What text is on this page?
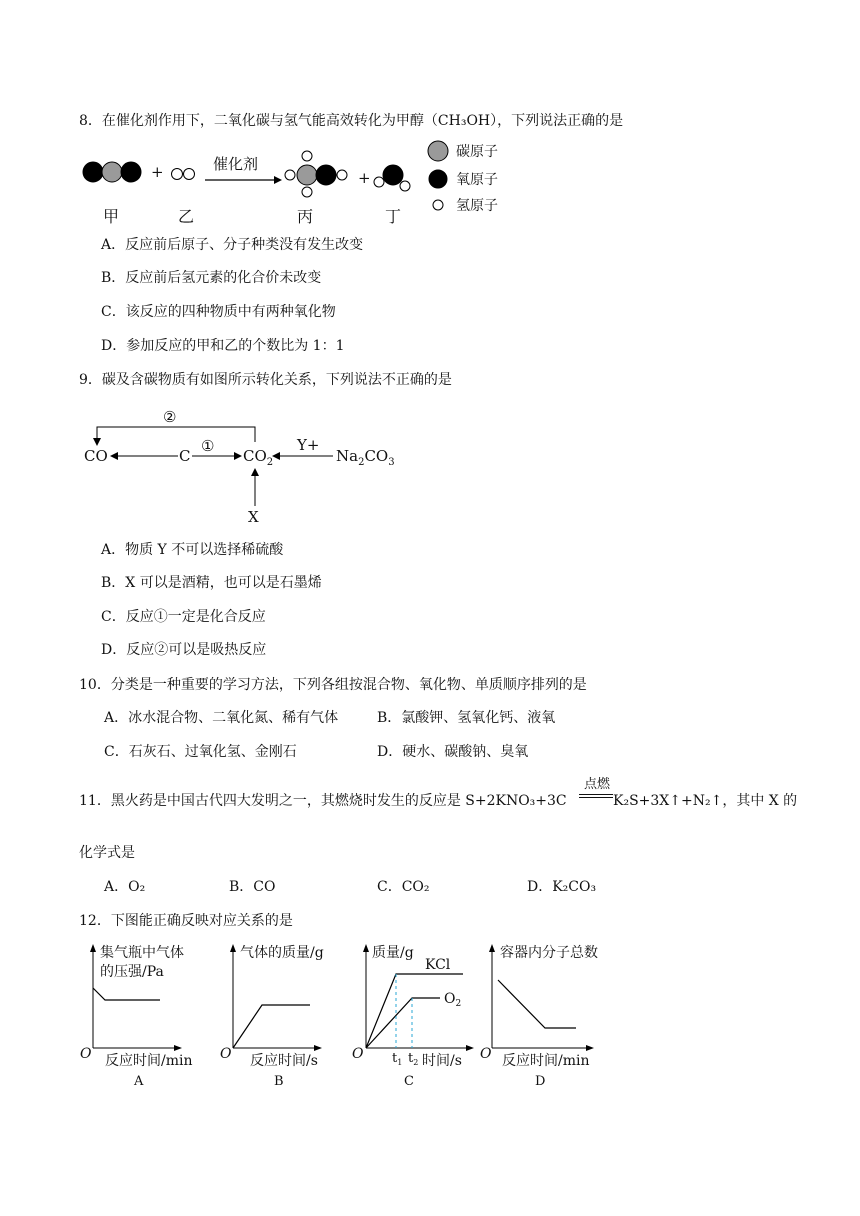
8．在催化剂作用下，二氧化碳与氢气能高效转化为甲醇（CH₃OH），下列说法正确的是
+	催化剂
+
甲	乙	丙	丁
碳原子
氧原子
氢原子
A．反应前后原子、分子种类没有发生改变
B．反应前后氢元素的化合价未改变
C．该反应的四种物质中有两种氧化物
D．参加反应的甲和乙的个数比为 1：1
9．碳及含碳物质有如图所示转化关系，下列说法不正确的是
②
CO	C
①
$CO_2$
Y+
$Na_2CO_3$
X
A．物质 Y 不可以选择稀硫酸
B．X 可以是酒精，也可以是石墨烯
C．反应①一定是化合反应
D．反应②可以是吸热反应
10．分类是一种重要的学习方法，下列各组按混合物、氧化物、单质顺序排列的是
A．冰水混合物、二氧化氮、稀有气体	B．氯酸钾、氢氧化钙、液氧
C．石灰石、过氧化氢、金刚石	D．硬水、碳酸钠、臭氧
11．黑火药是中国古代四大发明之一，其燃烧时发生的反应是 S+2KNO₃+3C
点燃
K₂S+3X↑+N₂↑，其中 X 的
化学式是
A．O₂	B．CO	C．CO₂	D．K₂CO₃
12．下图能正确反映对应关系的是
集气瓶中气体
的压强/Pa
O 反应时间/min
A
气体的质量/g
O 反应时间/s
B
质量/g
KCl
$O_2$
O $t_1$ $t_2$ 时间/s
C
容器内分子总数
O 反应时间/min
D
